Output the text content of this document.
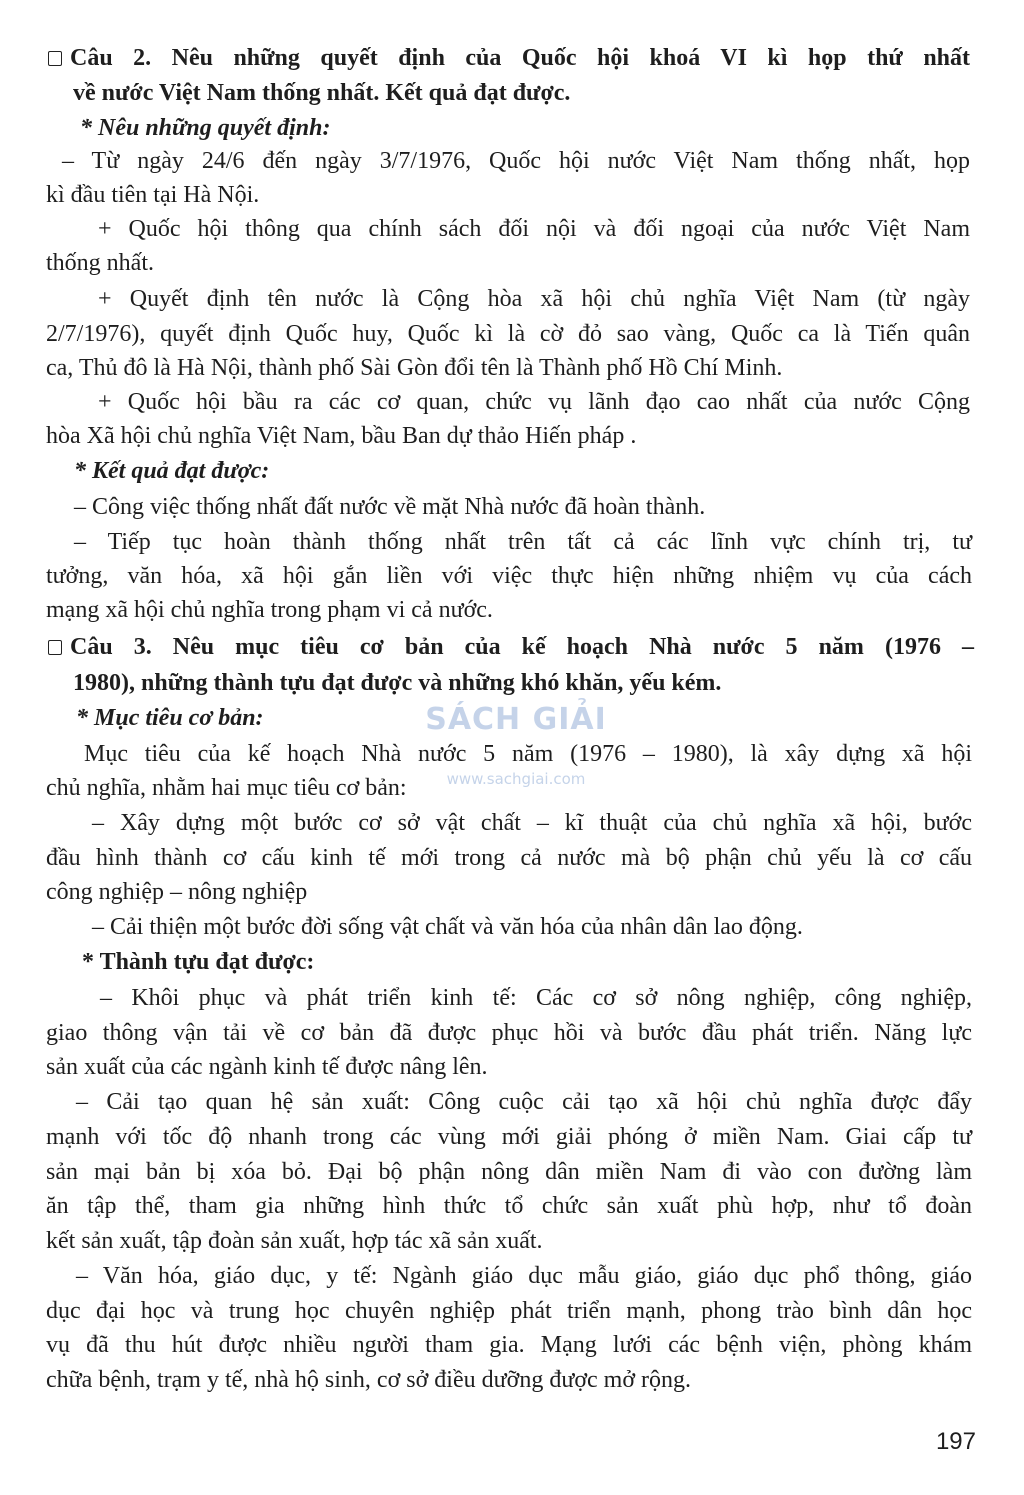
Câu 2. Nêu những quyết định của Quốc hội khoá VI kì họp thứ nhất
về nước Việt Nam thống nhất. Kết quả đạt được.
* Nêu những quyết định:
– Từ ngày 24/6 đến ngày 3/7/1976, Quốc hội nước Việt Nam thống nhất, họp
kì đầu tiên tại Hà Nội.
+ Quốc hội thông qua chính sách đối nội và đối ngoại của nước Việt Nam
thống nhất.
+ Quyết định tên nước là Cộng hòa xã hội chủ nghĩa Việt Nam (từ ngày
2/7/1976), quyết định Quốc huy, Quốc kì là cờ đỏ sao vàng, Quốc ca là Tiến quân
ca, Thủ đô là Hà Nội, thành phố Sài Gòn đổi tên là Thành phố Hồ Chí Minh.
+ Quốc hội bầu ra các cơ quan, chức vụ lãnh đạo cao nhất của nước Cộng
hòa Xã hội chủ nghĩa Việt Nam, bầu Ban dự thảo Hiến pháp .
* Kết quả đạt được:
– Công việc thống nhất đất nước về mặt Nhà nước đã hoàn thành.
– Tiếp tục hoàn thành thống nhất trên tất cả các lĩnh vực chính trị, tư
tưởng, văn hóa, xã hội gắn liền với việc thực hiện những nhiệm vụ của cách
mạng xã hội chủ nghĩa trong phạm vi cả nước.
Câu 3. Nêu mục tiêu cơ bản của kế hoạch Nhà nước 5 năm (1976 –
1980), những thành tựu đạt được và những khó khăn, yếu kém.
* Mục tiêu cơ bản:
Mục tiêu của kế hoạch Nhà nước 5 năm (1976 – 1980), là xây dựng xã hội
chủ nghĩa, nhằm hai mục tiêu cơ bản:
– Xây dựng một bước cơ sở vật chất – kĩ thuật của chủ nghĩa xã hội, bước
đầu hình thành cơ cấu kinh tế mới trong cả nước mà bộ phận chủ yếu là cơ cấu
công nghiệp – nông nghiệp
– Cải thiện một bước đời sống vật chất và văn hóa của nhân dân lao động.
* Thành tựu đạt được:
– Khôi phục và phát triển kinh tế: Các cơ sở nông nghiệp, công nghiệp,
giao thông vận tải về cơ bản đã được phục hồi và bước đầu phát triển. Năng lực
sản xuất của các ngành kinh tế được nâng lên.
– Cải tạo quan hệ sản xuất: Công cuộc cải tạo xã hội chủ nghĩa được đẩy
mạnh với tốc độ nhanh trong các vùng mới giải phóng ở miền Nam. Giai cấp tư
sản mại bản bị xóa bỏ. Đại bộ phận nông dân miền Nam đi vào con đường làm
ăn tập thể, tham gia những hình thức tổ chức sản xuất phù hợp, như tổ đoàn
kết sản xuất, tập đoàn sản xuất, hợp tác xã sản xuất.
– Văn hóa, giáo dục, y tế: Ngành giáo dục mẫu giáo, giáo dục phổ thông, giáo
dục đại học và trung học chuyên nghiệp phát triển mạnh, phong trào bình dân học
vụ đã thu hút được nhiều người tham gia. Mạng lưới các bệnh viện, phòng khám
chữa bệnh, trạm y tế, nhà hộ sinh, cơ sở điều dưỡng được mở rộng.
SÁCH GIẢI
www.sachgiai.com
197
